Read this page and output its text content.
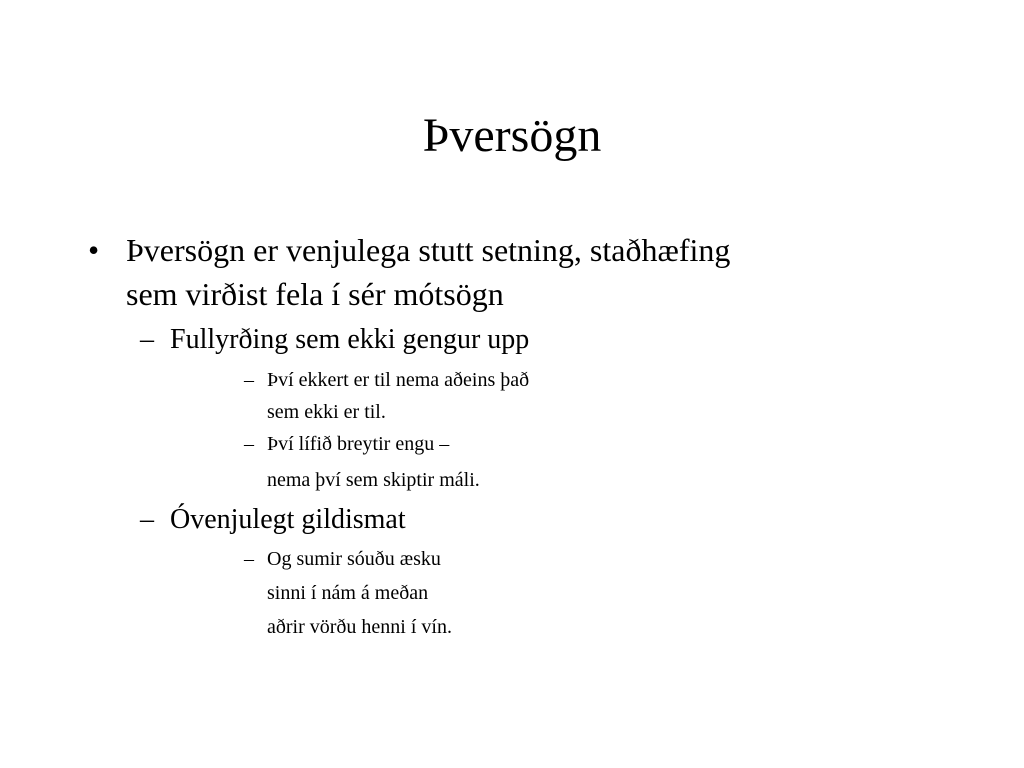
Þversögn
• Þversögn er venjulega stutt setning, staðhæfing
sem virðist fela í sér mótsögn
– Fullyrðing sem ekki gengur upp
– Því ekkert er til nema aðeins það
sem ekki er til.
– Því lífið breytir engu –
nema því sem skiptir máli.
– Óvenjulegt gildismat
– Og sumir sóuðu æsku
sinni í nám á meðan
aðrir vörðu henni í vín.
